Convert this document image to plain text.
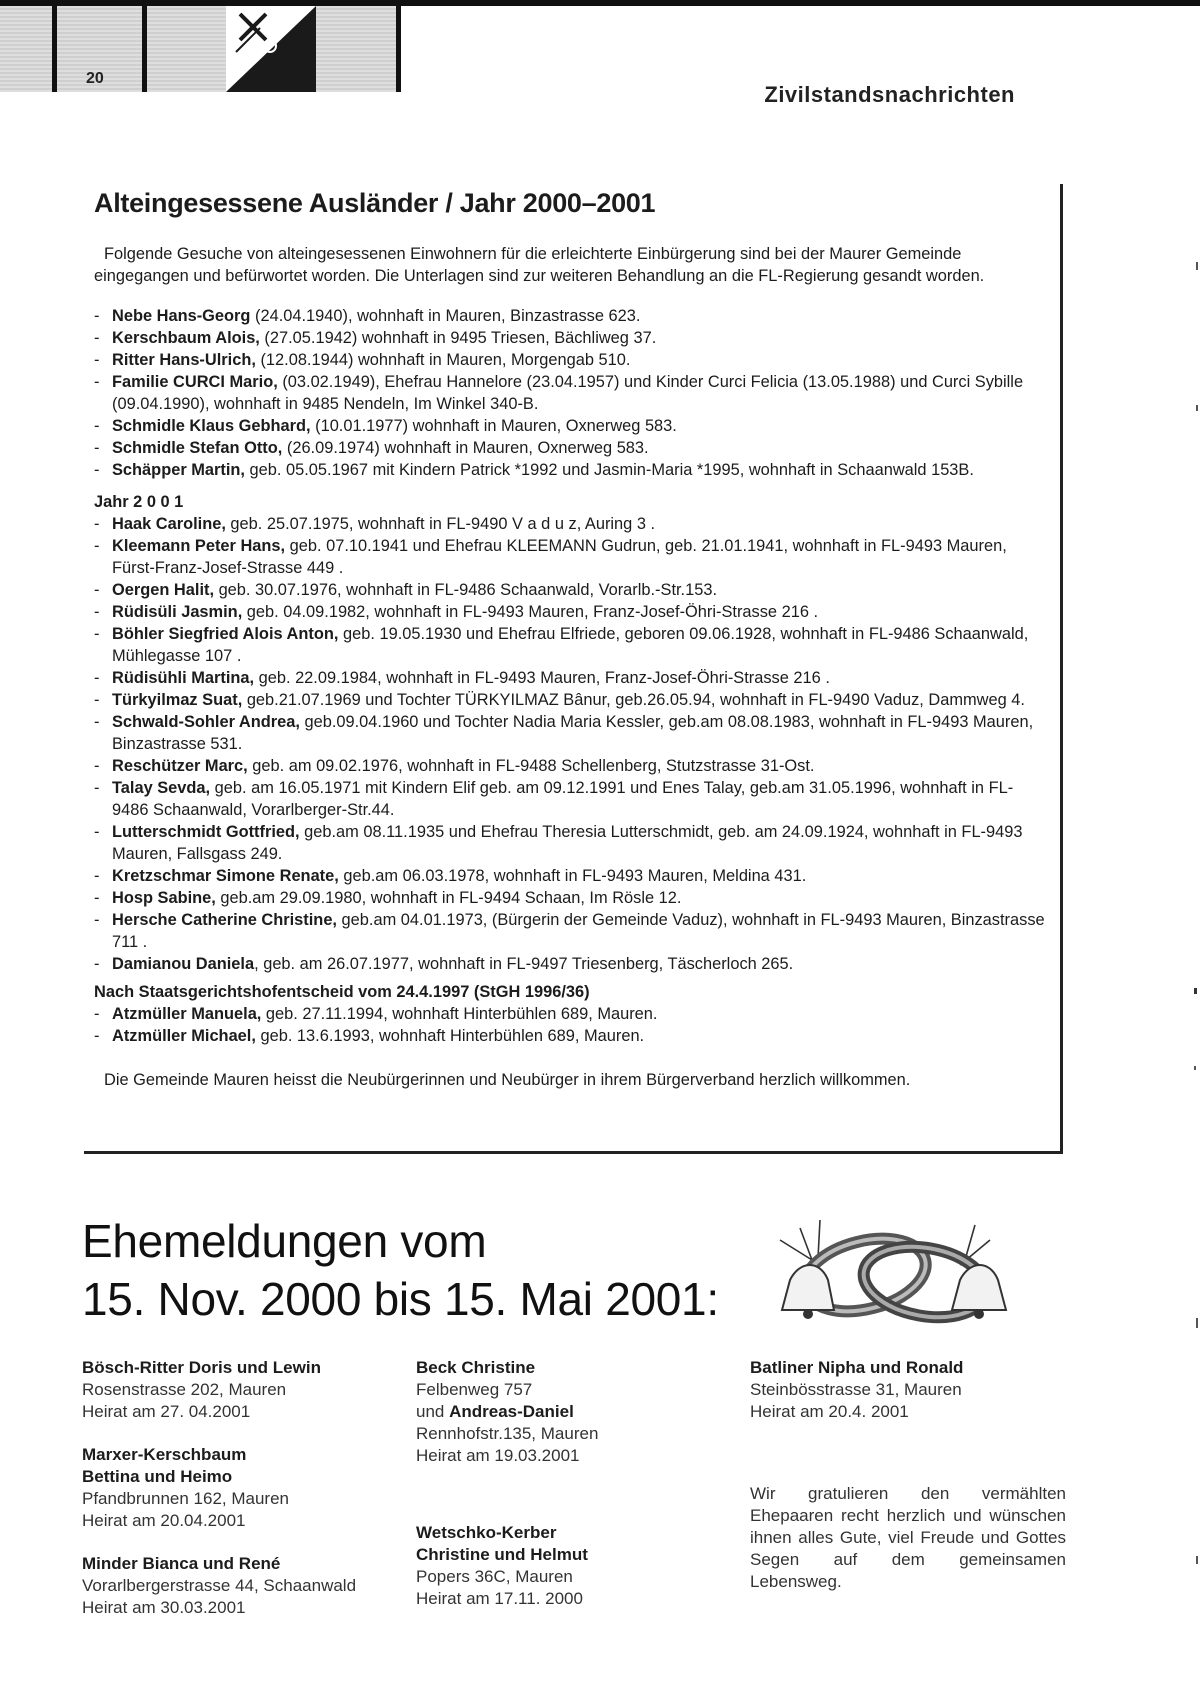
20
Zivilstandsnachrichten
Alteingesessene Ausländer / Jahr 2000–2001

Folgende Gesuche von alteingesessenen Einwohnern für die erleichterte Einbürgerung sind bei der Maurer Gemeinde eingegangen und befürwortet worden. Die Unterlagen sind zur weiteren Behandlung an die FL-Regierung gesandt worden.

- Nebe Hans-Georg (24.04.1940), wohnhaft in Mauren, Binzastrasse 623.
- Kerschbaum Alois, (27.05.1942) wohnhaft in 9495 Triesen, Bächliweg 37.
- Ritter Hans-Ulrich, (12.08.1944) wohnhaft in Mauren, Morgengab 510.
- Familie CURCI Mario, (03.02.1949), Ehefrau Hannelore (23.04.1957) und Kinder Curci Felicia (13.05.1988) und Curci Sybille (09.04.1990), wohnhaft in 9485 Nendeln, Im Winkel 340-B.
- Schmidle Klaus Gebhard, (10.01.1977) wohnhaft in Mauren, Oxnerweg 583.
- Schmidle Stefan Otto, (26.09.1974) wohnhaft in Mauren, Oxnerweg 583.
- Schäpper Martin, geb. 05.05.1967 mit Kindern Patrick *1992 und Jasmin-Maria *1995, wohnhaft in Schaanwald 153B.
Jahr 2 0 0 1
- Haak Caroline, geb. 25.07.1975, wohnhaft in FL-9490 V a d u z, Auring 3 .
- Kleemann Peter Hans, geb. 07.10.1941 und Ehefrau KLEEMANN Gudrun, geb. 21.01.1941, wohnhaft in FL-9493 Mauren, Fürst-Franz-Josef-Strasse 449 .
- Oergen Halit, geb. 30.07.1976, wohnhaft in FL-9486 Schaanwald, Vorarlb.-Str.153.
- Rüdisüli Jasmin, geb. 04.09.1982, wohnhaft in FL-9493 Mauren, Franz-Josef-Öhri-Strasse 216 .
- Böhler Siegfried Alois Anton, geb. 19.05.1930 und Ehefrau Elfriede, geboren 09.06.1928, wohnhaft in FL-9486 Schaanwald, Mühlegasse 107 .
- Rüdisühli Martina, geb. 22.09.1984, wohnhaft in FL-9493 Mauren, Franz-Josef-Öhri-Strasse 216 .
- Türkyilmaz Suat, geb.21.07.1969 und Tochter TÜRKYILMAZ Bânur, geb.26.05.94, wohnhaft in FL-9490 Vaduz, Dammweg 4.
- Schwald-Sohler Andrea, geb.09.04.1960 und Tochter Nadia Maria Kessler, geb.am 08.08.1983, wohnhaft in FL-9493 Mauren, Binzastrasse 531.
- Reschützer Marc, geb. am 09.02.1976, wohnhaft in FL-9488 Schellenberg, Stutzstrasse 31-Ost.
- Talay Sevda, geb. am 16.05.1971 mit Kindern Elif geb. am 09.12.1991 und Enes Talay, geb.am 31.05.1996, wohnhaft in FL-9486 Schaanwald, Vorarlberger-Str.44.
- Lutterschmidt Gottfried, geb.am 08.11.1935 und Ehefrau Theresia Lutterschmidt, geb. am 24.09.1924, wohnhaft in FL-9493 Mauren, Fallsgass 249.
- Kretzschmar Simone Renate, geb.am 06.03.1978, wohnhaft in FL-9493 Mauren, Meldina 431.
- Hosp Sabine, geb.am 29.09.1980, wohnhaft in FL-9494 Schaan, Im Rösle 12.
- Hersche Catherine Christine, geb.am 04.01.1973, (Bürgerin der Gemeinde Vaduz), wohnhaft in FL-9493 Mauren, Binzastrasse 711 .
- Damianou Daniela, geb. am 26.07.1977, wohnhaft in FL-9497 Triesenberg, Täscherloch 265.
Nach Staatsgerichtshofentscheid vom 24.4.1997 (StGH 1996/36)
- Atzmüller Manuela, geb. 27.11.1994, wohnhaft Hinterbühlen 689, Mauren.
- Atzmüller Michael, geb. 13.6.1993, wohnhaft Hinterbühlen 689, Mauren.
Die Gemeinde Mauren heisst die Neubürgerinnen und Neubürger in ihrem Bürgerverband herzlich willkommen.
Ehemeldungen vom
15. Nov. 2000 bis 15. Mai 2001:
Bösch-Ritter Doris und Lewin
Rosenstrasse 202, Mauren
Heirat am 27. 04.2001
Marxer-Kerschbaum
Bettina und Heimo
Pfandbrunnen 162, Mauren
Heirat am 20.04.2001
Minder Bianca und René
Vorarlbergerstrasse 44, Schaanwald
Heirat am 30.03.2001
Beck Christine
Felbenweg 757
und Andreas-Daniel
Rennhofstr.135, Mauren
Heirat am 19.03.2001
Wetschko-Kerber
Christine und Helmut
Popers 36C, Mauren
Heirat am 17.11. 2000
Batliner Nipha und Ronald
Steinbösstrasse 31, Mauren
Heirat am 20.4. 2001
Wir gratulieren den vermählten Ehepaaren recht herzlich und wünschen ihnen alles Gute, viel Freude und Gottes Segen auf dem gemeinsamen Lebensweg.
